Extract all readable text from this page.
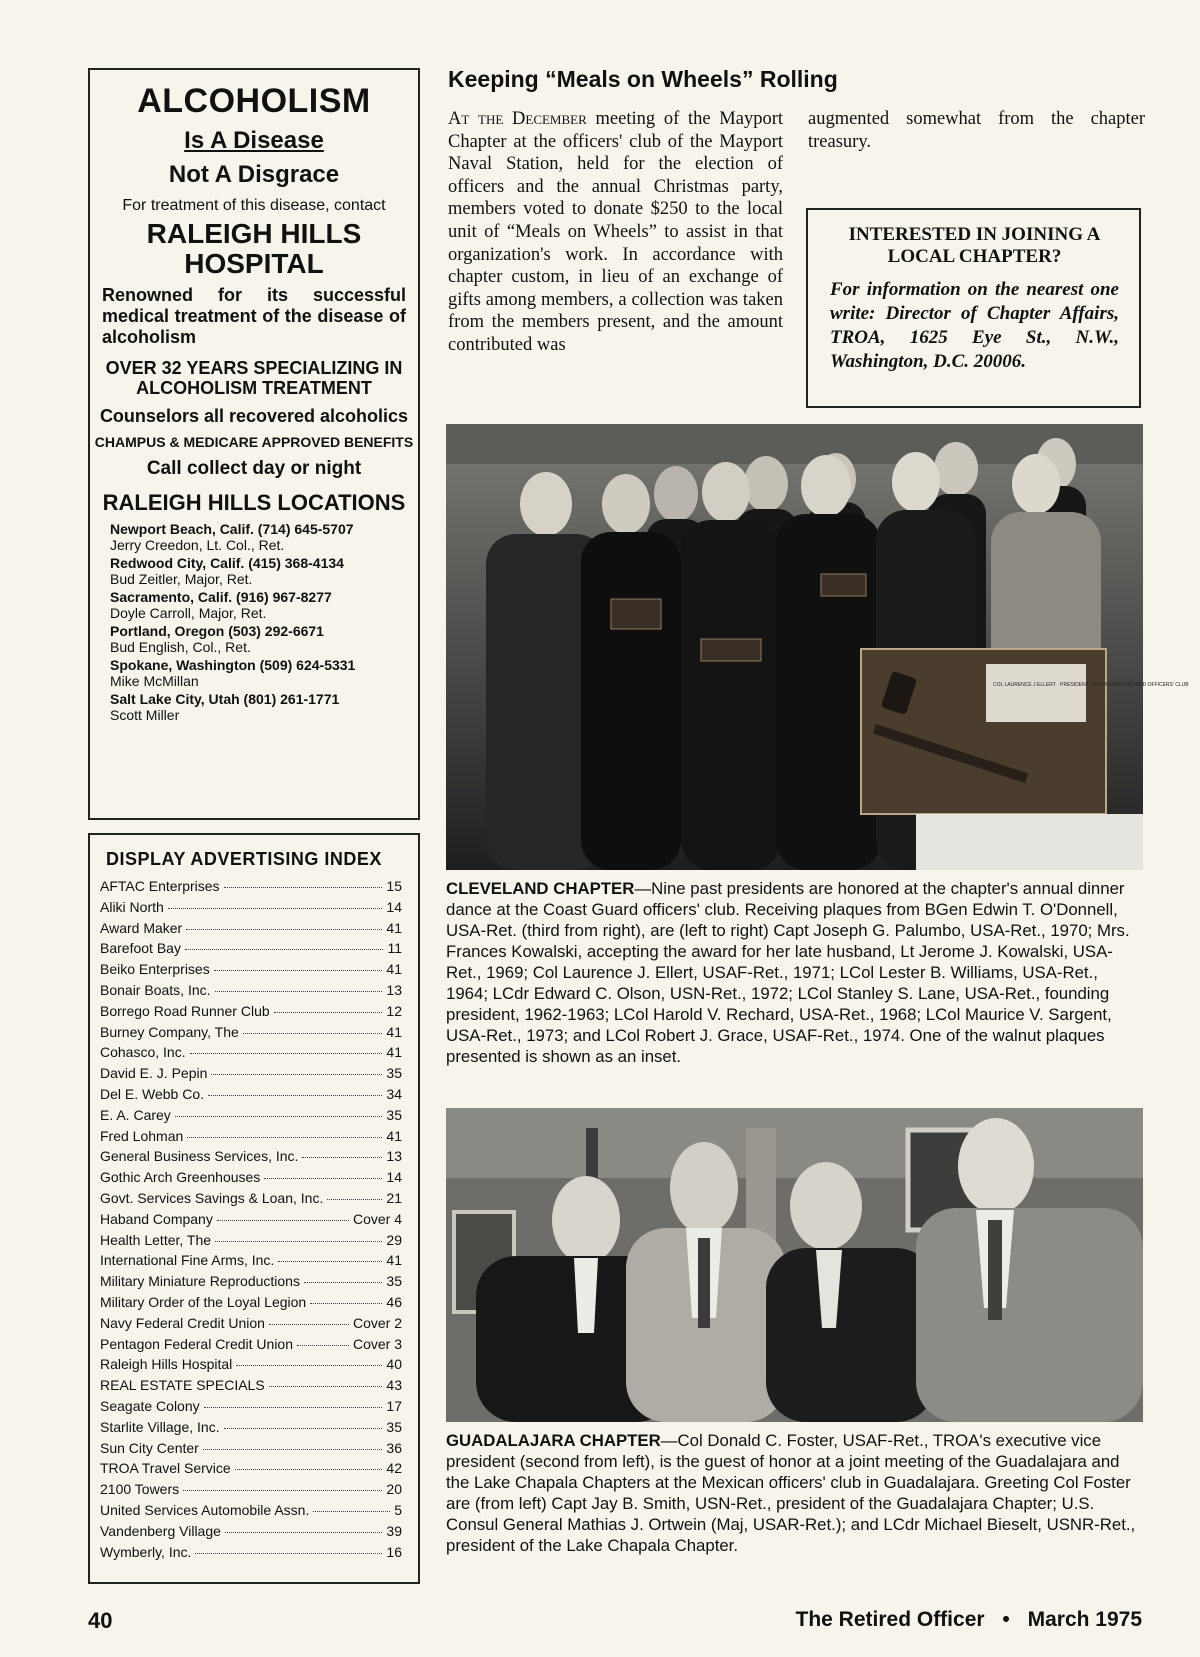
ALCOHOLISM
Is A Disease
Not A Disgrace
For treatment of this disease, contact
RALEIGH HILLS HOSPITAL
Renowned for its successful medical treatment of the disease of alcoholism
OVER 32 YEARS SPECIALIZING IN ALCOHOLISM TREATMENT
Counselors all recovered alcoholics
CHAMPUS & MEDICARE APPROVED BENEFITS
Call collect day or night
RALEIGH HILLS LOCATIONS
Newport Beach, Calif. (714) 645-5707
Jerry Creedon, Lt. Col., Ret.
Redwood City, Calif. (415) 368-4134
Bud Zeitler, Major, Ret.
Sacramento, Calif. (916) 967-8277
Doyle Carroll, Major, Ret.
Portland, Oregon (503) 292-6671
Bud English, Col., Ret.
Spokane, Washington (509) 624-5331
Mike McMillan
Salt Lake City, Utah (801) 261-1771
Scott Miller
DISPLAY ADVERTISING INDEX
AFTAC Enterprises	15
Aliki North	14
Award Maker	41
Barefoot Bay	11
Beiko Enterprises	41
Bonair Boats, Inc.	13
Borrego Road Runner Club	12
Burney Company, The	41
Cohasco, Inc.	41
David E. J. Pepin	35
Del E. Webb Co.	34
E. A. Carey	35
Fred Lohman	41
General Business Services, Inc.	13
Gothic Arch Greenhouses	14
Govt. Services Savings & Loan, Inc.	21
Haband Company	Cover 4
Health Letter, The	29
International Fine Arms, Inc.	41
Military Miniature Reproductions	35
Military Order of the Loyal Legion	46
Navy Federal Credit Union	Cover 2
Pentagon Federal Credit Union	Cover 3
Raleigh Hills Hospital	40
REAL ESTATE SPECIALS	43
Seagate Colony	17
Starlite Village, Inc.	35
Sun City Center	36
TROA Travel Service	42
2100 Towers	20
United Services Automobile Assn.	5
Vandenberg Village	39
Wymberly, Inc.	16
Keeping “Meals on Wheels” Rolling
At the December meeting of the Mayport Chapter at the officers' club of the Mayport Naval Station, held for the election of officers and the annual Christmas party, members voted to donate $250 to the local unit of “Meals on Wheels” to assist in that organization's work. In accordance with chapter custom, in lieu of an exchange of gifts among members, a collection was taken from the members present, and the amount contributed was
augmented somewhat from the chapter treasury.
INTERESTED IN JOINING A LOCAL CHAPTER?
For information on the nearest one write: Director of Chapter Affairs, TROA, 1625 Eye St., N.W., Washington, D.C. 20006.
COL LAURENCE J ELLERT · PRESIDENT · CLEVELAND RETIRED OFFICERS' CLUB
CLEVELAND CHAPTER—Nine past presidents are honored at the chapter's annual dinner dance at the Coast Guard officers' club. Receiving plaques from BGen Edwin T. O'Donnell, USA-Ret. (third from right), are (left to right) Capt Joseph G. Palumbo, USA-Ret., 1970; Mrs. Frances Kowalski, accepting the award for her late husband, Lt Jerome J. Kowalski, USA-Ret., 1969; Col Laurence J. Ellert, USAF-Ret., 1971; LCol Lester B. Williams, USA-Ret., 1964; LCdr Edward C. Olson, USN-Ret., 1972; LCol Stanley S. Lane, USA-Ret., founding president, 1962-1963; LCol Harold V. Rechard, USA-Ret., 1968; LCol Maurice V. Sargent, USA-Ret., 1973; and LCol Robert J. Grace, USAF-Ret., 1974. One of the walnut plaques presented is shown as an inset.
GUADALAJARA CHAPTER—Col Donald C. Foster, USAF-Ret., TROA's executive vice president (second from left), is the guest of honor at a joint meeting of the Guadalajara and the Lake Chapala Chapters at the Mexican officers' club in Guadalajara. Greeting Col Foster are (from left) Capt Jay B. Smith, USN-Ret., president of the Guadalajara Chapter; U.S. Consul General Mathias J. Ortwein (Maj, USAR-Ret.); and LCdr Michael Bieselt, USNR-Ret., president of the Lake Chapala Chapter.
40	The Retired Officer • March 1975
